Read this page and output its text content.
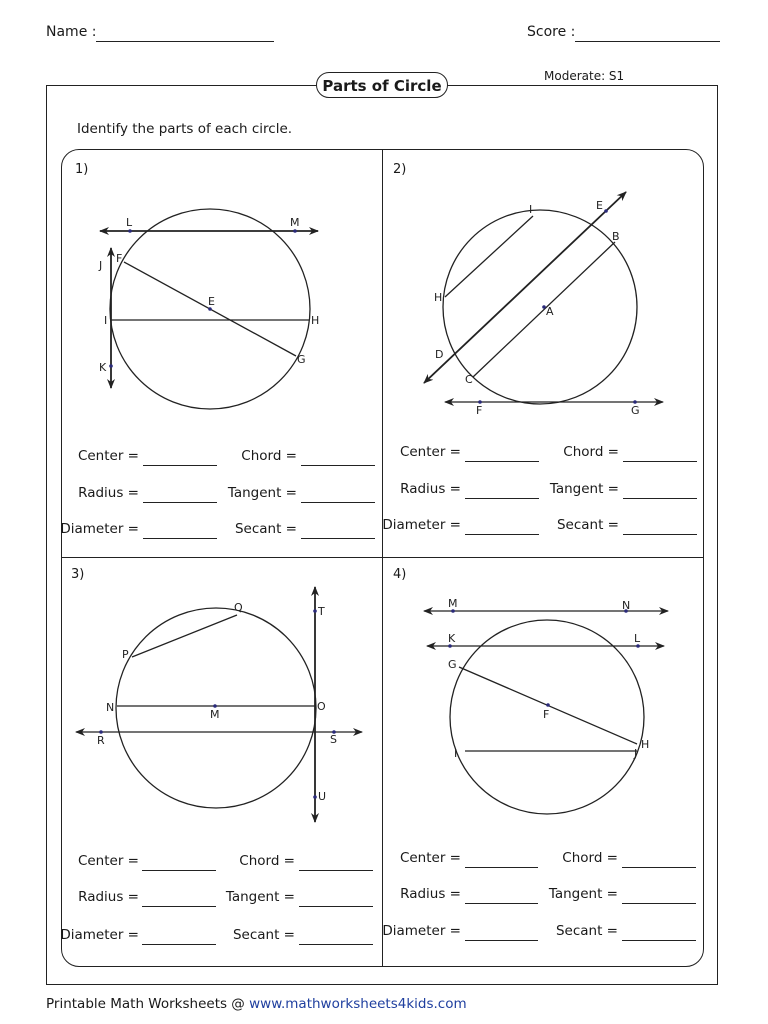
Name :	Score :
Parts of Circle
Moderate: S1
Identify the parts of each circle.
1)	2)
3)	4)
L	M
J
F
E
I	H
K
G
I	E
B
H
A
D
C
F	G
Q	T
P
N
M
O
R	S
U
M	N
K	L
G
F
I
H
J
Center =	Chord =
Radius =	Tangent =
Diameter =	Secant =
Center =	Chord =
Radius =	Tangent =
Diameter =	Secant =
Center =	Chord =
Radius =	Tangent =
Diameter =	Secant =
Center =	Chord =
Radius =	Tangent =
Diameter =	Secant =
Printable Math Worksheets @ www.mathworksheets4kids.com
